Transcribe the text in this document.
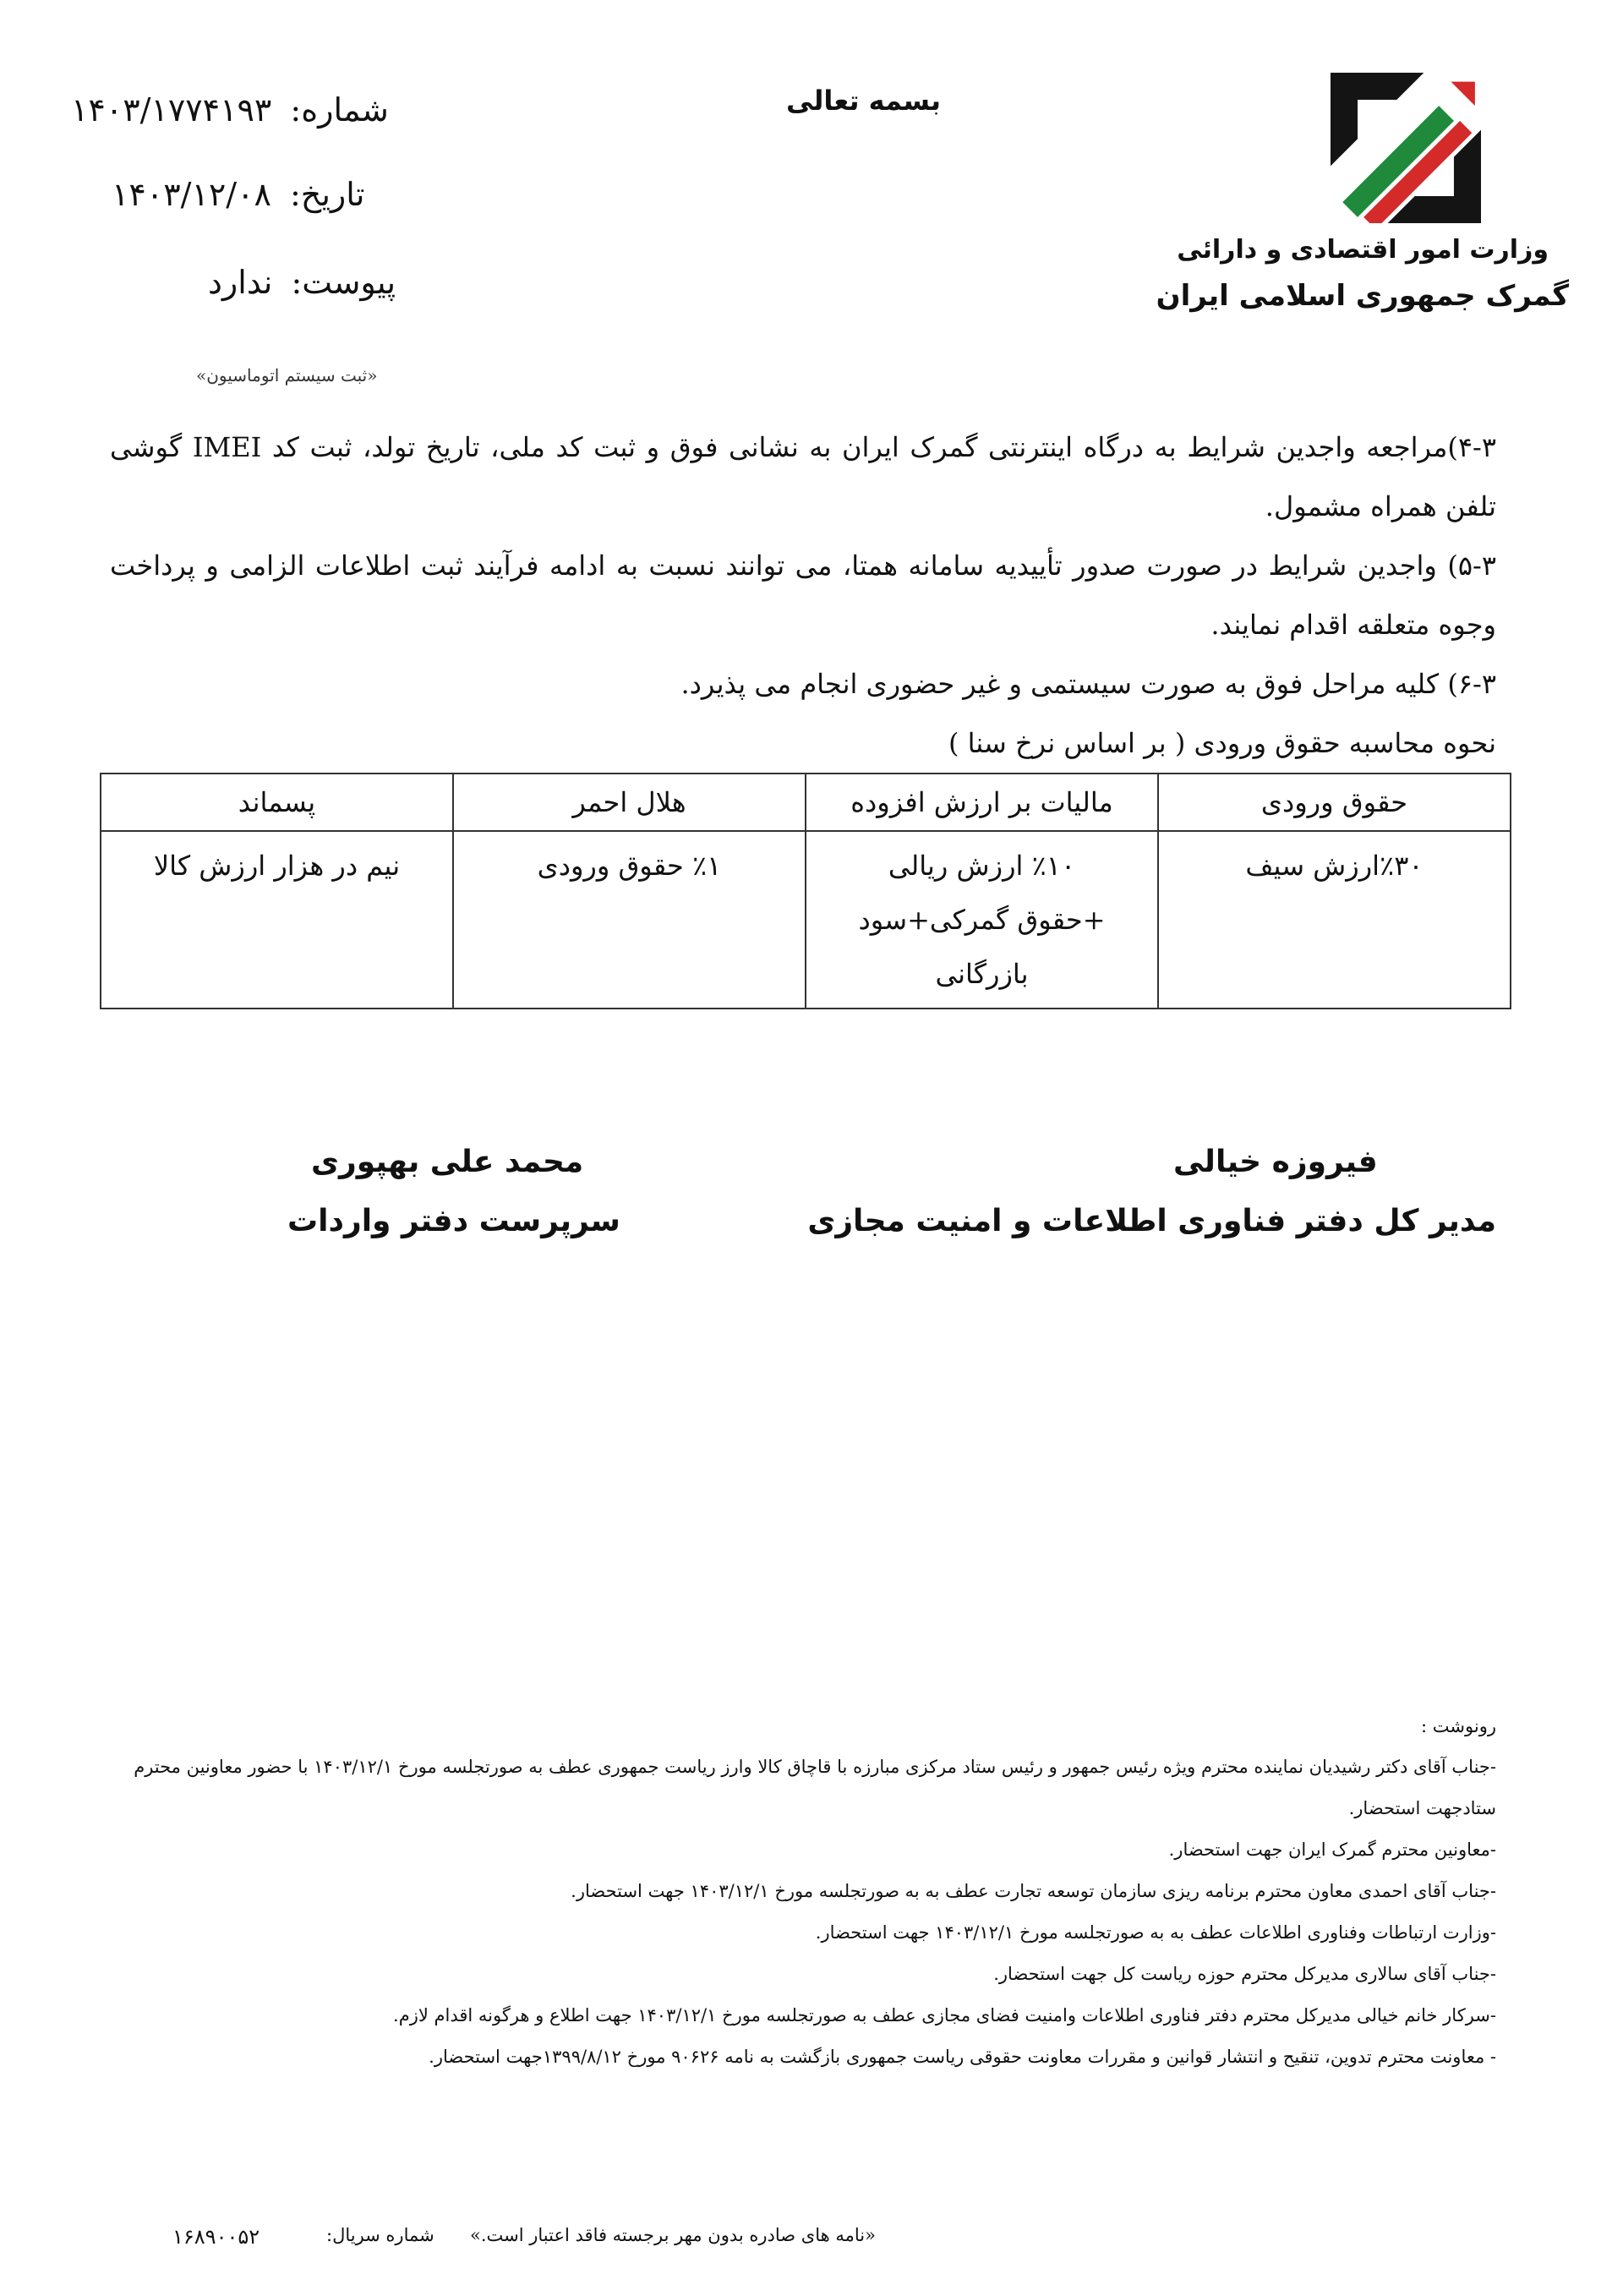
وزارت امور اقتصادی و دارائی
گمرک جمهوری اسلامی ایران
بسمه تعالی
شماره: ۱۴۰۳/۱۷۷۴۱۹۳
تاریخ: ۱۴۰۳/۱۲/۰۸
پیوست: ندارد
«ثبت سیستم اتوماسیون»
۴-۳)مراجعه واجدین شرایط به درگاه اینترنتی گمرک ایران به نشانی فوق و ثبت کد ملی، تاریخ تولد، ثبت کد IMEI گوشی تلفن همراه مشمول.
۵-۳) واجدین شرایط در صورت صدور تأییدیه سامانه همتا، می توانند نسبت به ادامه فرآیند ثبت اطلاعات الزامی و پرداخت وجوه متعلقه اقدام نمایند.
۶-۳) کلیه مراحل فوق به صورت سیستمی و غیر حضوری انجام می پذیرد.
نحوه محاسبه حقوق ورودی ( بر اساس نرخ سنا )
حقوق ورودی	مالیات بر ارزش افزوده	هلال احمر	پسماند
٪۳۰ارزش سیف	٪۱۰ ارزش ریالی +حقوق گمرکی+سود بازرگانی	٪۱ حقوق ورودی	نیم در هزار ارزش کالا
فیروزه خیالی
مدیر کل دفتر فناوری اطلاعات و امنیت مجازی
محمد علی بهپوری
سرپرست دفتر واردات
رونوشت :
-جناب آقای دکتر رشیدیان نماینده محترم ویژه رئیس جمهور و رئیس ستاد مرکزی مبارزه با قاچاق کالا وارز ریاست جمهوری عطف به صورتجلسه مورخ ۱۴۰۳/۱۲/۱ با حضور معاونین محترم ستادجهت استحضار.
-معاونین محترم گمرک ایران جهت استحضار.
-جناب آقای احمدی معاون محترم برنامه ریزی سازمان توسعه تجارت عطف به به صورتجلسه مورخ ۱۴۰۳/۱۲/۱ جهت استحضار.
-وزارت ارتباطات وفناوری اطلاعات عطف به به صورتجلسه مورخ ۱۴۰۳/۱۲/۱ جهت استحضار.
-جناب آقای سالاری مدیرکل محترم حوزه ریاست کل جهت استحضار.
-سرکار خانم خیالی مدیرکل محترم دفتر فناوری اطلاعات وامنیت فضای مجازی عطف به صورتجلسه مورخ ۱۴۰۳/۱۲/۱ جهت اطلاع و هرگونه اقدام لازم.
- معاونت محترم تدوین، تنقیح و انتشار قوانین و مقررات معاونت حقوقی ریاست جمهوری بازگشت به نامه ۹۰۶۲۶ مورخ ۱۳۹۹/۸/۱۲جهت استحضار.
«نامه های صادره بدون مهر برجسته فاقد اعتبار است.»
شماره سریال:
۱۶۸۹۰۰۵۲
